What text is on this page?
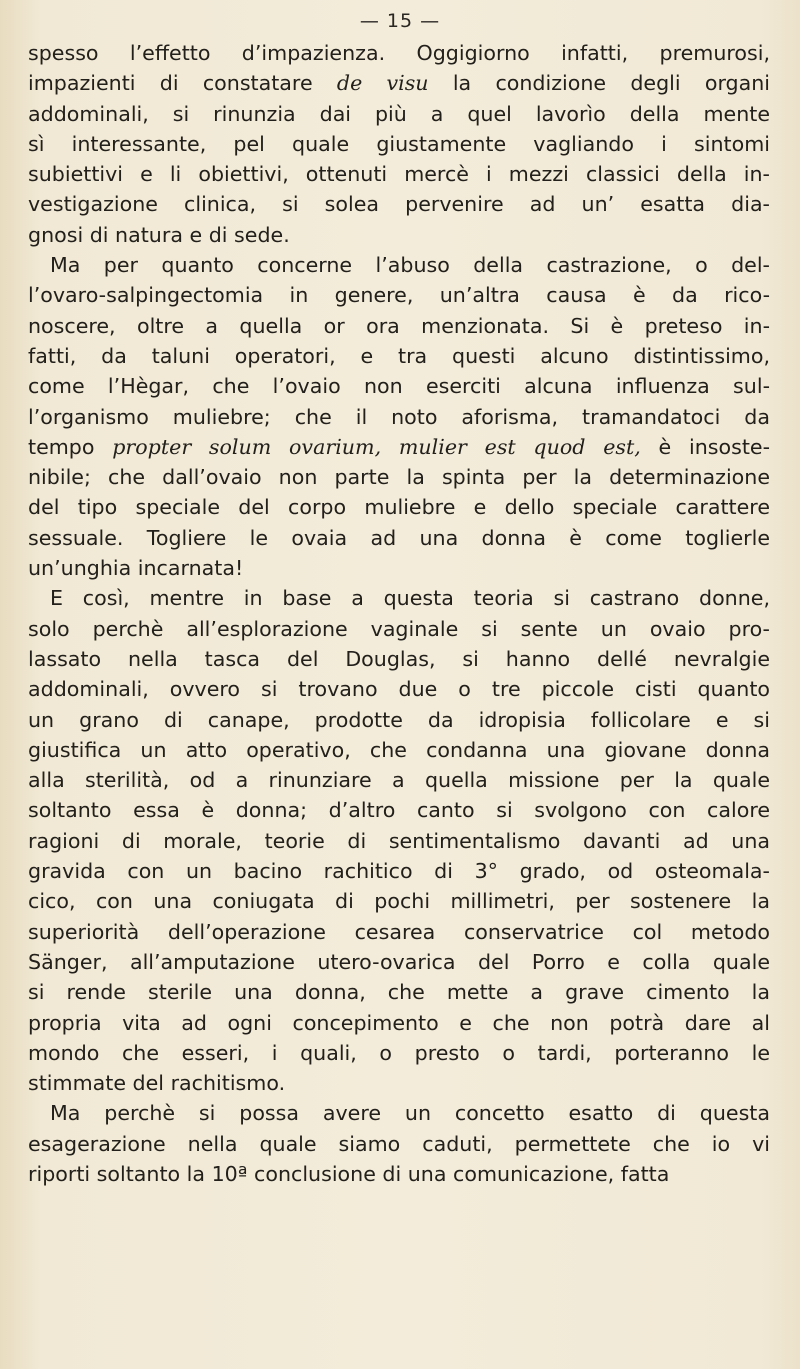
— 15 —
spesso l’effetto d’impazienza. Oggigiorno infatti, premurosi,
impazienti di constatare de visu la condizione degli organi
addominali, si rinunzia dai più a quel lavorìo della mente
sì interessante, pel quale giustamente vagliando i sintomi
subiettivi e li obiettivi, ottenuti mercè i mezzi classici della in-
vestigazione clinica, si solea pervenire ad un’ esatta dia-
gnosi di natura e di sede.
Ma per quanto concerne l’abuso della castrazione, o del-
l’ovaro-salpingectomia in genere, un’altra causa è da rico-
noscere, oltre a quella or ora menzionata. Si è preteso in-
fatti, da taluni operatori, e tra questi alcuno distintissimo,
come l’Hègar, che l’ovaio non eserciti alcuna influenza sul-
l’organismo muliebre; che il noto aforisma, tramandatoci da
tempo propter solum ovarium, mulier est quod est, è insoste-
nibile; che dall’ovaio non parte la spinta per la determinazione
del tipo speciale del corpo muliebre e dello speciale carattere
sessuale. Togliere le ovaia ad una donna è come toglierle
un’unghia incarnata!
E così, mentre in base a questa teoria si castrano donne,
solo perchè all’esplorazione vaginale si sente un ovaio pro-
lassato nella tasca del Douglas, si hanno dellé nevralgie
addominali, ovvero si trovano due o tre piccole cisti quanto
un grano di canape, prodotte da idropisia follicolare e si
giustifica un atto operativo, che condanna una giovane donna
alla sterilità, od a rinunziare a quella missione per la quale
soltanto essa è donna; d’altro canto si svolgono con calore
ragioni di morale, teorie di sentimentalismo davanti ad una
gravida con un bacino rachitico di 3° grado, od osteomala-
cico, con una coniugata di pochi millimetri, per sostenere la
superiorità dell’operazione cesarea conservatrice col metodo
Sänger, all’amputazione utero-ovarica del Porro e colla quale
si rende sterile una donna, che mette a grave cimento la
propria vita ad ogni concepimento e che non potrà dare al
mondo che esseri, i quali, o presto o tardi, porteranno le
stimmate del rachitismo.
Ma perchè si possa avere un concetto esatto di questa
esagerazione nella quale siamo caduti, permettete che io vi
riporti soltanto la 10ª conclusione di una comunicazione, fatta
